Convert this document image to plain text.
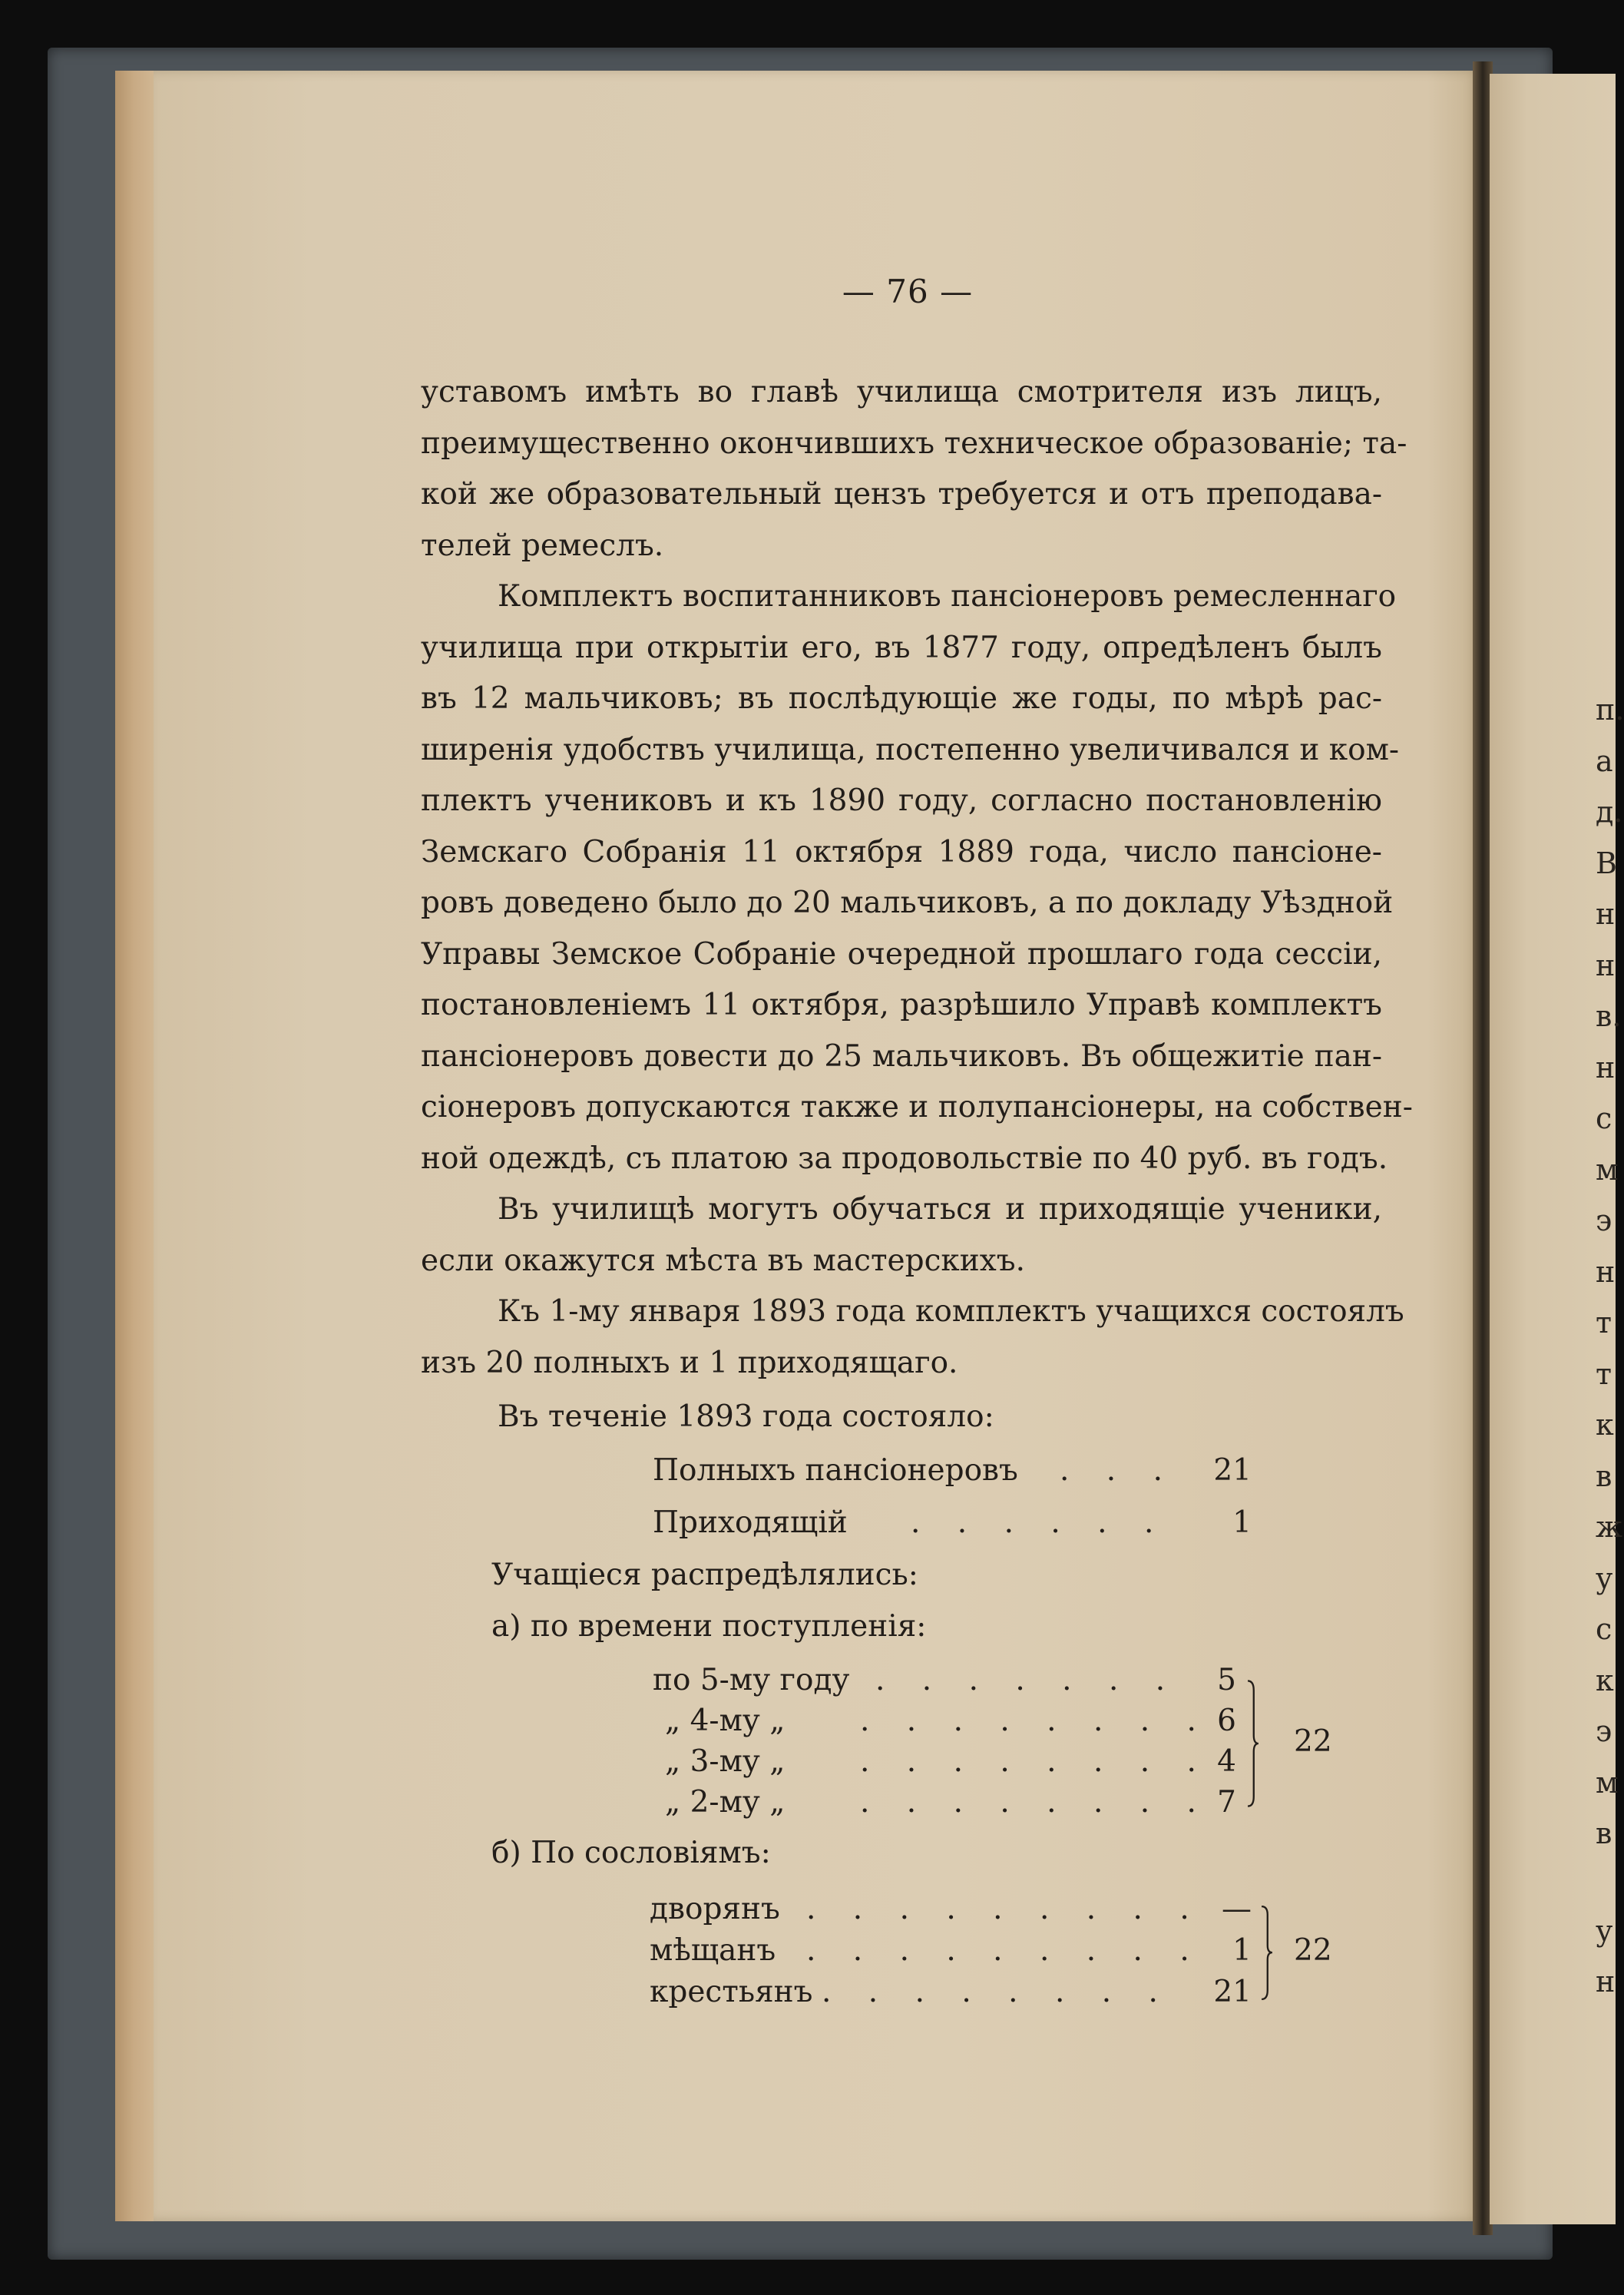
— 76 —
уставомъ имѣть во главѣ училища смотрителя изъ лицъ,
преимущественно окончившихъ техническое образованіе; та-
кой же образовательный цензъ требуется и отъ преподава-
телей ремеслъ.
Комплектъ воспитанниковъ пансіонеровъ ремесленнаго
училища при открытіи его, въ 1877 году, опредѣленъ былъ
въ 12 мальчиковъ; въ послѣдующіе же годы, по мѣрѣ рас-
ширенія удобствъ училища, постепенно увеличивался и ком-
плектъ учениковъ и къ 1890 году, согласно постановленію
Земскаго Собранія 11 октября 1889 года, число пансіоне-
ровъ доведено было до 20 мальчиковъ, а по докладу Уѣздной
Управы Земское Собраніе очередной прошлаго года сессіи,
постановленіемъ 11 октября, разрѣшило Управѣ комплектъ
пансіонеровъ довести до 25 мальчиковъ. Въ общежитіе пан-
сіонеровъ допускаются также и полупансіонеры, на собствен-
ной одеждѣ, съ платою за продовольствіе по 40 руб. въ годъ.
Въ училищѣ могутъ обучаться и приходящіе ученики,
если окажутся мѣста въ мастерскихъ.
Къ 1-му января 1893 года комплектъ учащихся состоялъ
изъ 20 полныхъ и 1 приходящаго.
Въ теченіе 1893 года состояло:
Полныхъ пансіонеровъ . . .	21
Приходящій . . . . . .	1
Учащіеся распредѣлялись:
а) по времени поступленія:
по 5-му году . . . . . . .	5
„ 4-му „	. . . . . . . . 6
„ 3-му „	. . . . . . . . 4
„ 2-му „	. . . . . . . . 7
22
б) По сословіямъ:
дворянъ . . . . . . . . . —
мѣщанъ . . . . . . . . . 1
крестьянъ . . . . . . . .	21
22
п.
а
д.
В
н
н
в.
н
с
м
э
н
т
т
к
в
ж
у
с
к
э
м
в
у
н
